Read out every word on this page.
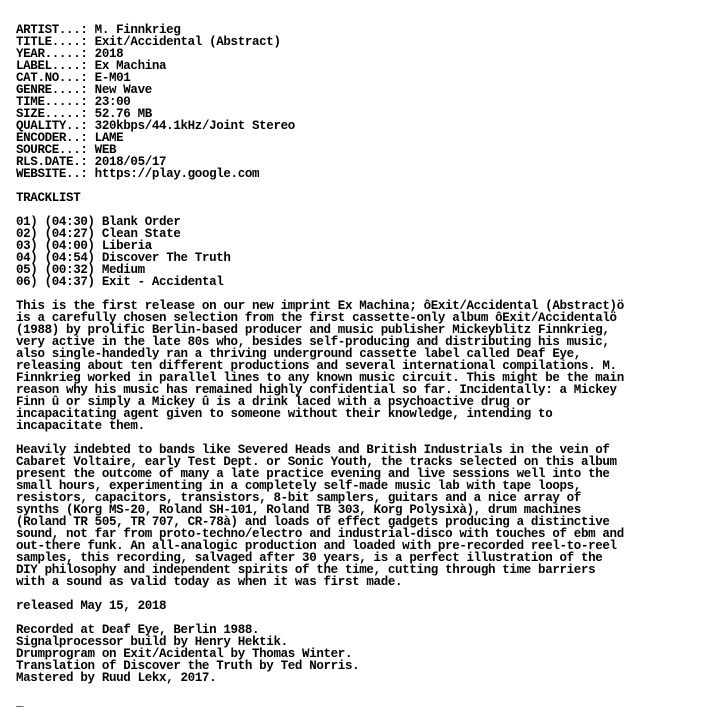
ARTIST...: M. Finnkrieg
TITLE....: Exit/Accidental (Abstract)
YEAR.....: 2018
LABEL....: Ex Machina
CAT.NO...: E-M01
GENRE....: New Wave
TIME.....: 23:00
SIZE.....: 52.76 MB
QUALITY..: 320kbps/44.1kHz/Joint Stereo
ENCODER..: LAME
SOURCE...: WEB
RLS.DATE.: 2018/05/17
WEBSITE..: https://play.google.com
TRACKLIST
01) (04:30) Blank Order
02) (04:27) Clean State
03) (04:00) Liberia
04) (04:54) Discover The Truth
05) (00:32) Medium
06) (04:37) Exit - Accidental
This is the first release on our new imprint Ex Machina; ôExit/Accidental (Abstract)ö
is a carefully chosen selection from the first cassette-only album ôExit/Accidentalö
(1988) by prolific Berlin-based producer and music publisher Mickeyblitz Finnkrieg,
very active in the late 80s who, besides self-producing and distributing his music,
also single-handedly ran a thriving underground cassette label called Deaf Eye,
releasing about ten different productions and several international compilations. M.
Finnkrieg worked in parallel lines to any known music circuit. This might be the main
reason why his music has remained highly confidential so far. Incidentally: a Mickey
Finn û or simply a Mickey û is a drink laced with a psychoactive drug or
incapacitating agent given to someone without their knowledge, intending to
incapacitate them.
Heavily indebted to bands like Severed Heads and British Industrials in the vein of
Cabaret Voltaire, early Test Dept. or Sonic Youth, the tracks selected on this album
present the outcome of many a late practice evening and live sessions well into the
small hours, experimenting in a completely self-made music lab with tape loops,
resistors, capacitors, transistors, 8-bit samplers, guitars and a nice array of
synths (Korg MS-20, Roland SH-101, Roland TB 303, Korg Polysixà), drum machines
(Roland TR 505, TR 707, CR-78à) and loads of effect gadgets producing a distinctive
sound, not far from proto-techno/electro and industrial-disco with touches of ebm and
out-there funk. An all-analogic production and loaded with pre-recorded reel-to-reel
samples, this recording, salvaged after 30 years, is a perfect illustration of the
DIY philosophy and independent spirits of the time, cutting through time barriers
with a sound as valid today as when it was first made.
released May 15, 2018
Recorded at Deaf Eye, Berlin 1988.
Signalprocessor build by Henry Hektik.
Drumprogram on Exit/Acidental by Thomas Winter.
Translation of Discover the Truth by Ted Norris.
Mastered by Ruud Lekx, 2017.
_
